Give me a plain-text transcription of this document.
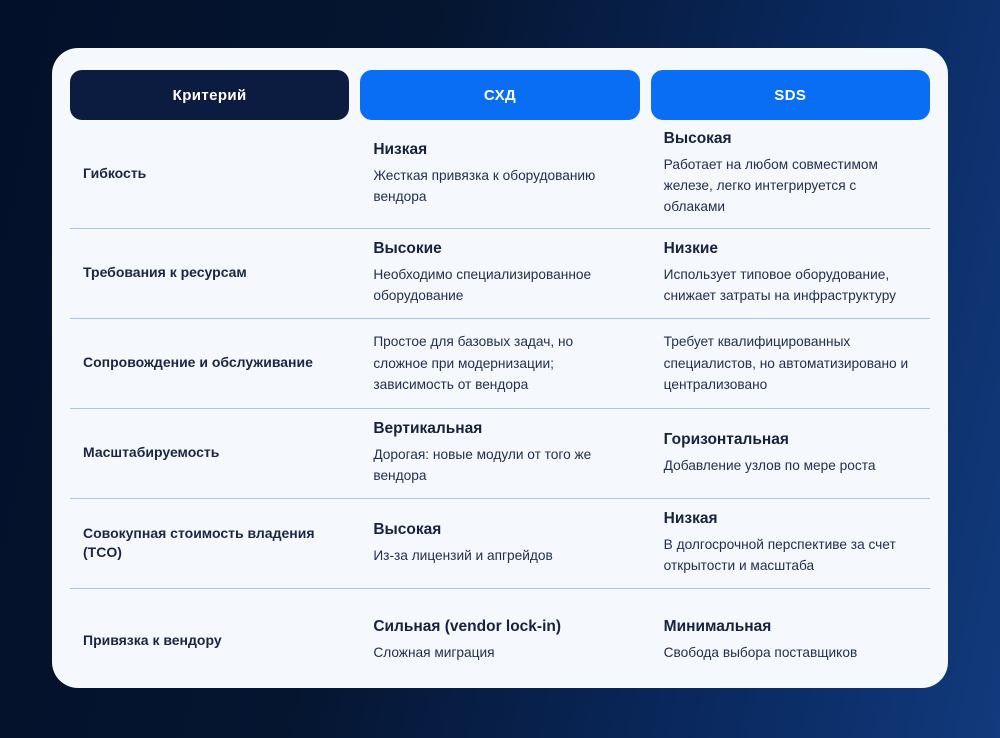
Критерий	СХД	SDS
Гибкость
Низкая
Жесткая привязка к оборудованию вендора
Высокая
Работает на любом совместимом железе, легко интегрируется с облаками
Требования к ресурсам
Высокие
Необходимо специализированное оборудование
Низкие
Использует типовое оборудование, снижает затраты на инфраструктуру
Сопровождение и обслуживание
Простое для базовых задач, но сложное при модернизации; зависимость от вендора
Требует квалифицированных специалистов, но автоматизировано и централизовано
Масштабируемость
Вертикальная
Дорогая: новые модули от того же вендора
Горизонтальная
Добавление узлов по мере роста
Совокупная стоимость владения (TCO)
Высокая
Из-за лицензий и апгрейдов
Низкая
В долгосрочной перспективе за счет открытости и масштаба
Привязка к вендору
Сильная (vendor lock-in)
Сложная миграция
Минимальная
Свобода выбора поставщиков
